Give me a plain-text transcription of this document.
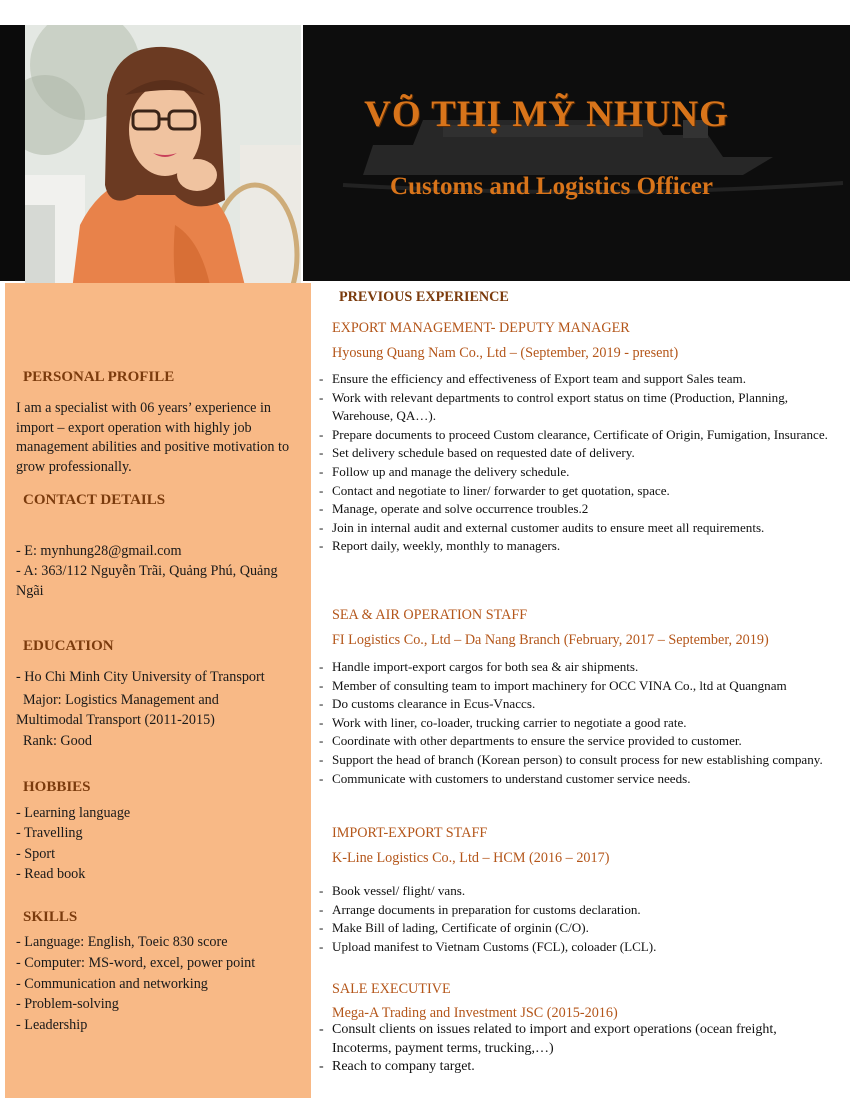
VÕ THỊ MỸ NHUNG
Customs and Logistics Officer
PERSONAL PROFILE
I am a specialist with 06 years’ experience in import – export operation with highly job management abilities and positive motivation to grow professionally.
CONTACT DETAILS
- E: mynhung28@gmail.com
- A: 363/112 Nguyễn Trãi, Quảng Phú, Quảng Ngãi
EDUCATION
- Ho Chi Minh City University of Transport
Major: Logistics Management and Multimodal Transport (2011-2015)
Rank: Good
HOBBIES
- Learning language
- Travelling
- Sport
- Read book
SKILLS
- Language: English, Toeic 830 score
- Computer: MS-word, excel, power point
- Communication and networking
- Problem-solving
- Leadership
PREVIOUS EXPERIENCE
EXPORT MANAGEMENT- DEPUTY MANAGER
Hyosung Quang Nam Co., Ltd – (September, 2019 - present)
- Ensure the efficiency and effectiveness of Export team and support Sales team.
- Work with relevant departments to control export status on time (Production, Planning, Warehouse, QA…).
- Prepare documents to proceed Custom clearance, Certificate of Origin, Fumigation, Insurance.
- Set delivery schedule based on requested date of delivery.
- Follow up and manage the delivery schedule.
- Contact and negotiate to liner/ forwarder to get quotation, space.
- Manage, operate and solve occurrence troubles.2
- Join in internal audit and external customer audits to ensure meet all requirements.
- Report daily, weekly, monthly to managers.
SEA & AIR OPERATION STAFF
FI Logistics Co., Ltd – Da Nang Branch (February, 2017 – September, 2019)
- Handle import-export cargos for both sea & air shipments.
- Member of consulting team to import machinery for OCC VINA Co., ltd at Quangnam
- Do customs clearance in Ecus-Vnaccs.
- Work with liner, co-loader, trucking carrier to negotiate a good rate.
- Coordinate with other departments to ensure the service provided to customer.
- Support the head of branch (Korean person) to consult process for new establishing company.
- Communicate with customers to understand customer service needs.
IMPORT-EXPORT STAFF
K-Line Logistics Co., Ltd – HCM (2016 – 2017)
- Book vessel/ flight/ vans.
- Arrange documents in preparation for customs declaration.
- Make Bill of lading, Certificate of orginin (C/O).
- Upload manifest to Vietnam Customs (FCL), coloader (LCL).
SALE EXECUTIVE
Mega-A Trading and Investment JSC (2015-2016)
- Consult clients on issues related to import and export operations (ocean freight, Incoterms, payment terms, trucking,…)
- Reach to company target.
